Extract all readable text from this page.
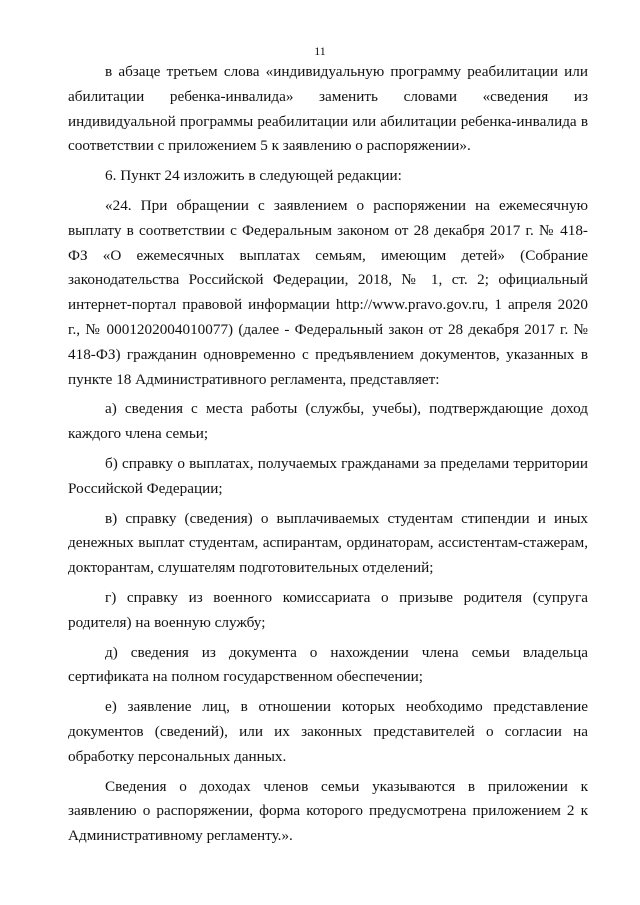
11

в абзаце третьем слова «индивидуальную программу реабилитации или абилитации ребенка-инвалида» заменить словами «сведения из индивидуальной программы реабилитации или абилитации ребенка-инвалида в соответствии с приложением 5 к заявлению о распоряжении».

6. Пункт 24 изложить в следующей редакции:

«24. При обращении с заявлением о распоряжении на ежемесячную выплату в соответствии с Федеральным законом от 28 декабря 2017 г. № 418-ФЗ «О ежемесячных выплатах семьям, имеющим детей» (Собрание законодательства Российской Федерации, 2018, № 1, ст. 2; официальный интернет-портал правовой информации http://www.pravo.gov.ru, 1 апреля 2020 г., № 0001202004010077) (далее - Федеральный закон от 28 декабря 2017 г. № 418-ФЗ) гражданин одновременно с предъявлением документов, указанных в пункте 18 Административного регламента, представляет:

а) сведения с места работы (службы, учебы), подтверждающие доход каждого члена семьи;

б) справку о выплатах, получаемых гражданами за пределами территории Российской Федерации;

в) справку (сведения) о выплачиваемых студентам стипендии и иных денежных выплат студентам, аспирантам, ординаторам, ассистентам-стажерам, докторантам, слушателям подготовительных отделений;

г) справку из военного комиссариата о призыве родителя (супруга родителя) на военную службу;

д) сведения из документа о нахождении члена семьи владельца сертификата на полном государственном обеспечении;

е) заявление лиц, в отношении которых необходимо представление документов (сведений), или их законных представителей о согласии на обработку персональных данных.

Сведения о доходах членов семьи указываются в приложении к заявлению о распоряжении, форма которого предусмотрена приложением 2 к Административному регламенту.».
